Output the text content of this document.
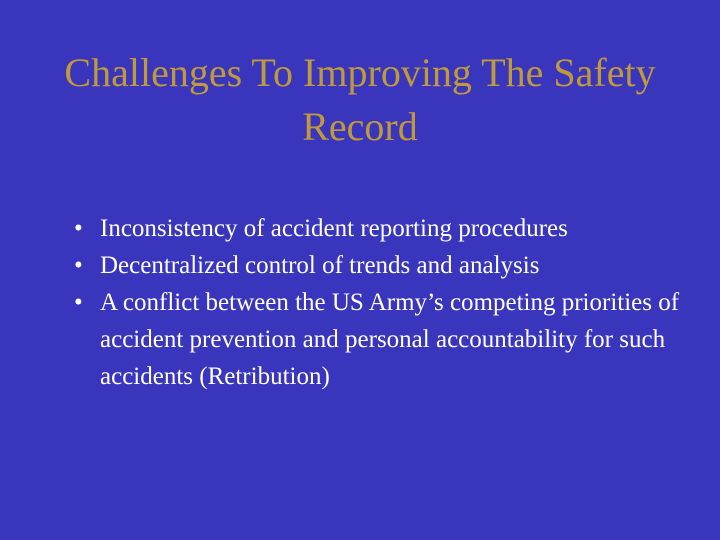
Challenges To Improving The Safety Record
• Inconsistency of accident reporting procedures
• Decentralized control of trends and analysis
• A conflict between the US Army’s competing priorities of accident prevention and personal accountability for such accidents (Retribution)
